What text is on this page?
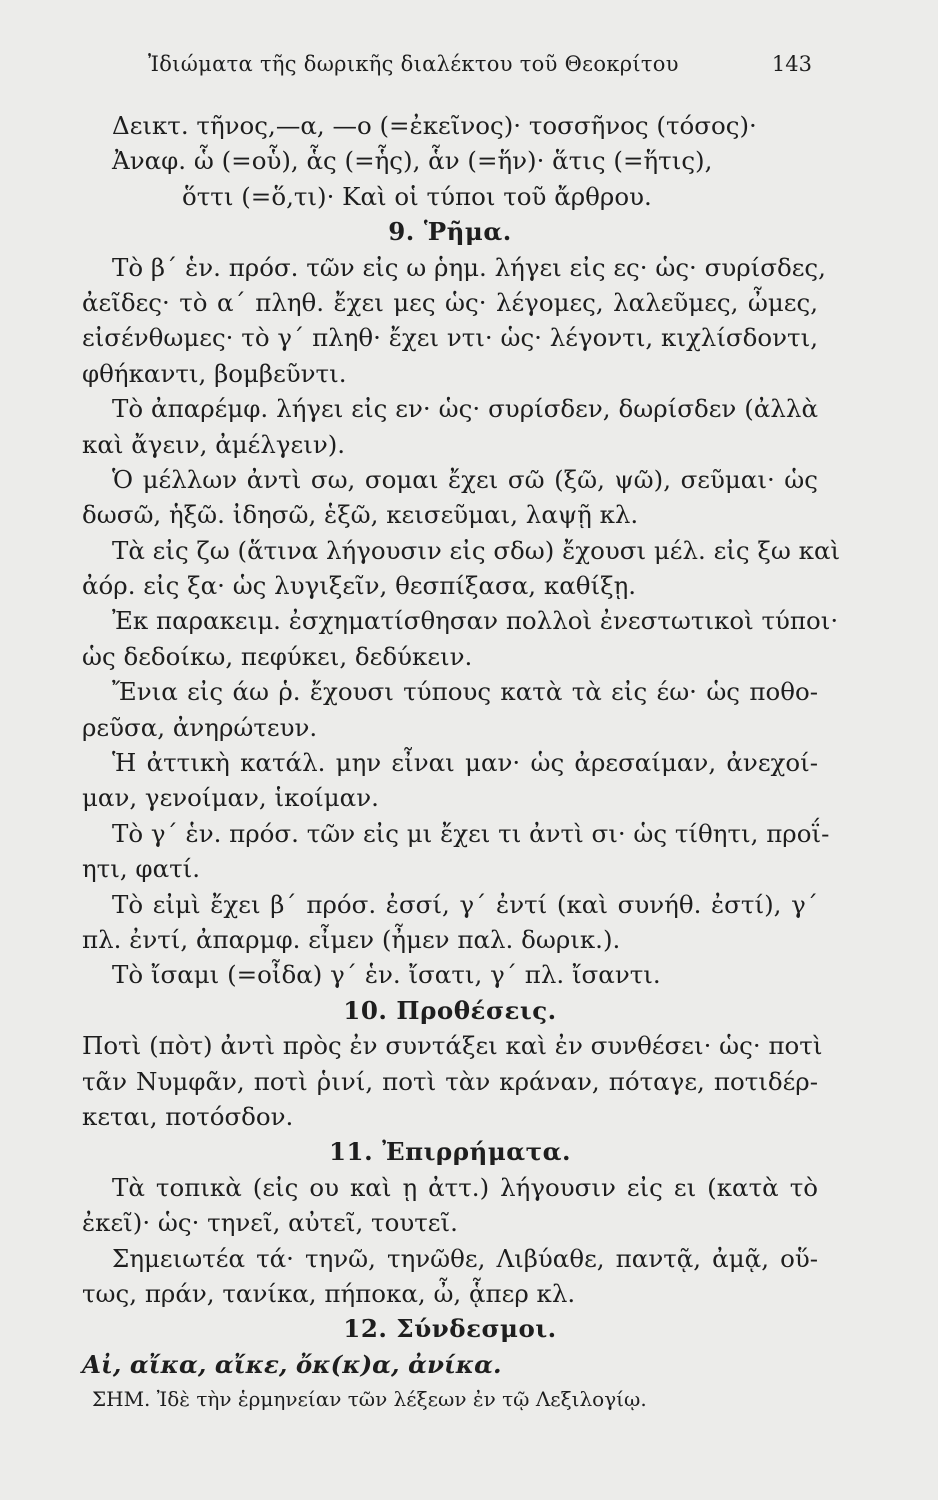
Ἰδιώματα τῆς δωρικῆς διαλέκτου τοῦ Θεοκρίτου	143
Δεικτ. τῆνος,—α, —ο (=ἐκεῖνος)· τοσσῆνος (τόσος)·
Ἀναφ. ὧ (=οὗ), ἇς (=ἧς), ἇν (=ἥν)· ἅτις (=ἥτις),
ὅττι (=ὅ,τι)· Καὶ οἱ τύποι τοῦ ἄρθρου.
9. Ῥῆμα.
Τὸ β΄ ἑν. πρόσ. τῶν εἰς ω ῥημ. λήγει εἰς ες· ὡς· συρίσδες,
ἀεῖδες· τὸ α΄ πληθ. ἔχει μες ὡς· λέγομες, λαλεῦμες, ὦμες,
εἰσένθωμες· τὸ γ΄ πληθ· ἔχει ντι· ὡς· λέγοντι, κιχλίσδοντι,
φθήκαντι, βομβεῦντι.
Τὸ ἀπαρέμφ. λήγει εἰς εν· ὡς· συρίσδεν, δωρίσδεν (ἀλλὰ
καὶ ἄγειν, ἀμέλγειν).
Ὁ μέλλων ἀντὶ σω, σομαι ἔχει σῶ (ξῶ, ψῶ), σεῦμαι· ὡς
δωσῶ, ἡξῶ. ἰδησῶ, ἑξῶ, κεισεῦμαι, λαψῇ κλ.
Τὰ εἰς ζω (ἅτινα λήγουσιν εἰς σδω) ἔχουσι μέλ. εἰς ξω καὶ
ἀόρ. εἰς ξα· ὡς λυγιξεῖν, θεσπίξασα, καθίξῃ.
Ἐκ παρακειμ. ἐσχηματίσθησαν πολλοὶ ἐνεστωτικοὶ τύποι·
ὡς δεδοίκω, πεφύκει, δεδύκειν.
Ἔνια εἰς άω ῥ. ἔχουσι τύπους κατὰ τὰ εἰς έω· ὡς ποθο-
ρεῦσα, ἀνηρώτευν.
Ἡ ἀττικὴ κατάλ. μην εἶναι μαν· ὡς ἀρεσαίμαν, ἀνεχοί-
μαν, γενοίμαν, ἱκοίμαν.
Τὸ γ΄ ἑν. πρόσ. τῶν εἰς μι ἔχει τι ἀντὶ σι· ὡς τίθητι, προΐ-
ητι, φατί.
Τὸ εἰμὶ ἔχει β΄ πρόσ. ἐσσί, γ΄ ἐντί (καὶ συνήθ. ἐστί), γ΄
πλ. ἐντί, ἀπαρμφ. εἶμεν (ἦμεν παλ. δωρικ.).
Τὸ ἴσαμι (=οἶδα) γ΄ ἑν. ἴσατι, γ΄ πλ. ἴσαντι.
10. Προθέσεις.
Ποτὶ (πὸτ) ἀντὶ πρὸς ἐν συντάξει καὶ ἐν συνθέσει· ὡς· ποτὶ
τᾶν Νυμφᾶν, ποτὶ ῥινί, ποτὶ τὰν κράναν, πόταγε, ποτιδέρ-
κεται, ποτόσδον.
11. Ἐπιρρήματα.
Τὰ τοπικὰ (εἰς ου καὶ ῃ ἀττ.) λήγουσιν εἰς ει (κατὰ τὸ
ἐκεῖ)· ὡς· τηνεῖ, αὐτεῖ, τουτεῖ.
Σημειωτέα τά· τηνῶ, τηνῶθε, Λιβύαθε, παντᾷ, ἀμᾷ, οὕ-
τως, πράν, τανίκα, πήποκα, ὦ, ᾇπερ κλ.
12. Σύνδεσμοι.
Αἰ, αἴκα, αἴκε, ὄκ(κ)α, ἀνίκα.
ΣΗΜ. Ἰδὲ τὴν ἑρμηνείαν τῶν λέξεων ἐν τῷ Λεξιλογίῳ.
